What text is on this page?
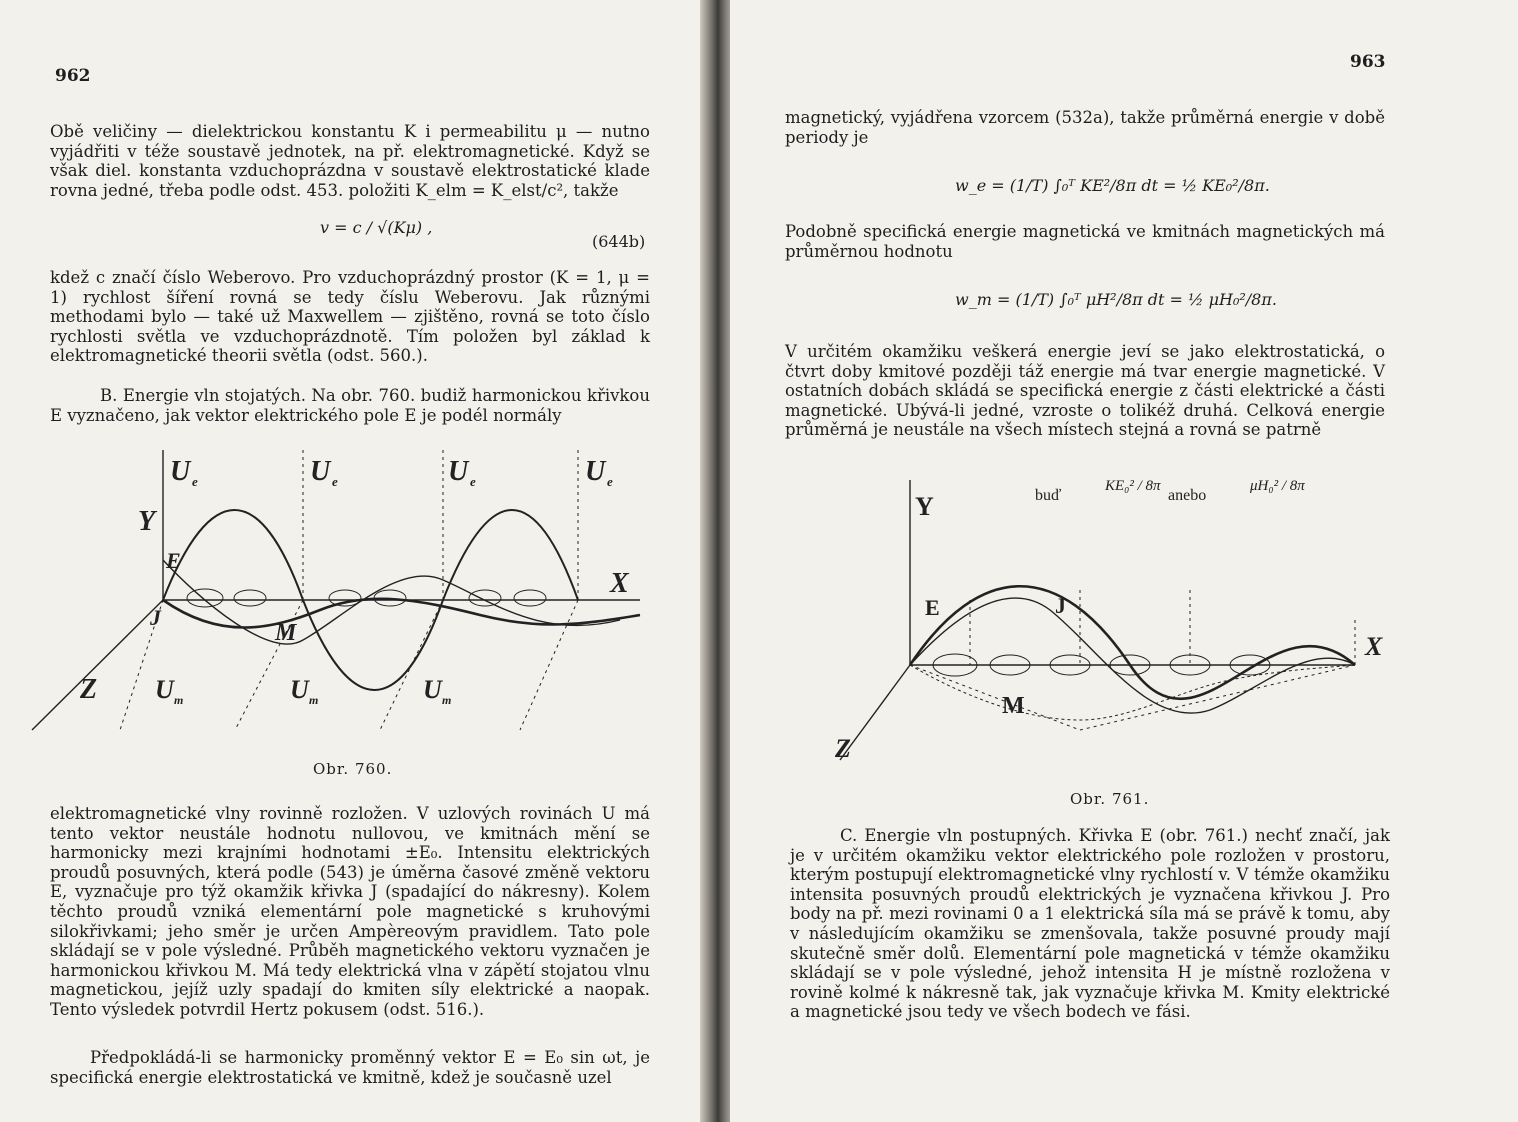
962

Obě veličiny — dielektrickou konstantu K i permeabilitu μ — nutno vyjádřiti v téže soustavě jednotek, na př. elektromagnetické. Když se však diel. konstanta vzduchoprázdna v soustavě elektrostatické klade rovna jedné, třeba podle odst. 453. položiti K_elm = K_elst/c², takže

v = c / √(Kμ) ,
(644b)

kdež c značí číslo Weberovo. Pro vzduchoprázdný prostor (K = 1, μ = 1) rychlost šíření rovná se tedy číslu Weberovu. Jak různými methodami bylo — také už Maxwellem — zjištěno, rovná se toto číslo rychlosti světla ve vzduchoprázdnotě. Tím položen byl základ k elektromagnetické theorii světla (odst. 560.).

B. Energie vln stojatých. Na obr. 760. budiž harmonickou křivkou E vyznačeno, jak vektor elektrického pole E je podél normály

U e	U e	U e	U e
Y
X
E
J
M
Z U m	U m	U m
Obr. 760.

elektromagnetické vlny rovinně rozložen. V uzlových rovinách U má tento vektor neustále hodnotu nullovou, ve kmitnách mění se harmonicky mezi krajními hodnotami ±E₀. Intensitu elektrických proudů posuvných, která podle (543) je úměrna časové změně vektoru E, vyznačuje pro týž okamžik křivka J (spadající do nákresny). Kolem těchto proudů vzniká elementární pole magnetické s kruhovými silokřivkami; jeho směr je určen Ampèreovým pravidlem. Tato pole skládají se v pole výsledné. Průběh magnetického vektoru vyznačen je harmonickou křivkou M. Má tedy elektrická vlna v zápětí stojatou vlnu magnetickou, jejíž uzly spadají do kmiten síly elektrické a naopak. Tento výsledek potvrdil Hertz pokusem (odst. 516.).

Předpokládá-li se harmonicky proměnný vektor E = E₀ sin ωt, je specifická energie elektrostatická ve kmitně, kdež je současně uzel

963

magnetický, vyjádřena vzorcem (532a), takže průměrná energie v době periody je

w_e = (1/T) ∫₀ᵀ KE²/8π dt = ½ KE₀²/8π.

Podobně specifická energie magnetická ve kmitnách magnetických má průměrnou hodnotu

w_m = (1/T) ∫₀ᵀ μH²/8π dt = ½ μH₀²/8π.

V určitém okamžiku veškerá energie jeví se jako elektrostatická, o čtvrt doby kmitové později táž energie má tvar energie magnetické. V ostatních dobách skládá se specifická energie z části elektrické a části magnetické. Ubývá-li jedné, vzroste o tolikéž druhá. Celková energie průměrná je neustále na všech místech stejná a rovná se patrně

Y
X
E	J
M
Z
buď
KE₀² / 8π
anebo
μH₀² / 8π
Obr. 761.

C. Energie vln postupných. Křivka E (obr. 761.) nechť značí, jak je v určitém okamžiku vektor elektrického pole rozložen v prostoru, kterým postupují elektromagnetické vlny rychlostí v. V témže okamžiku intensita posuvných proudů elektrických je vyznačena křivkou J. Pro body na př. mezi rovinami 0 a 1 elektrická síla má se právě k tomu, aby v následujícím okamžiku se zmenšovala, takže posuvné proudy mají skutečně směr dolů. Elementární pole magnetická v témže okamžiku skládají se v pole výsledné, jehož intensita H je místně rozložena v rovině kolmé k nákresně tak, jak vyznačuje křivka M. Kmity elektrické a magnetické jsou tedy ve všech bodech ve fási.
